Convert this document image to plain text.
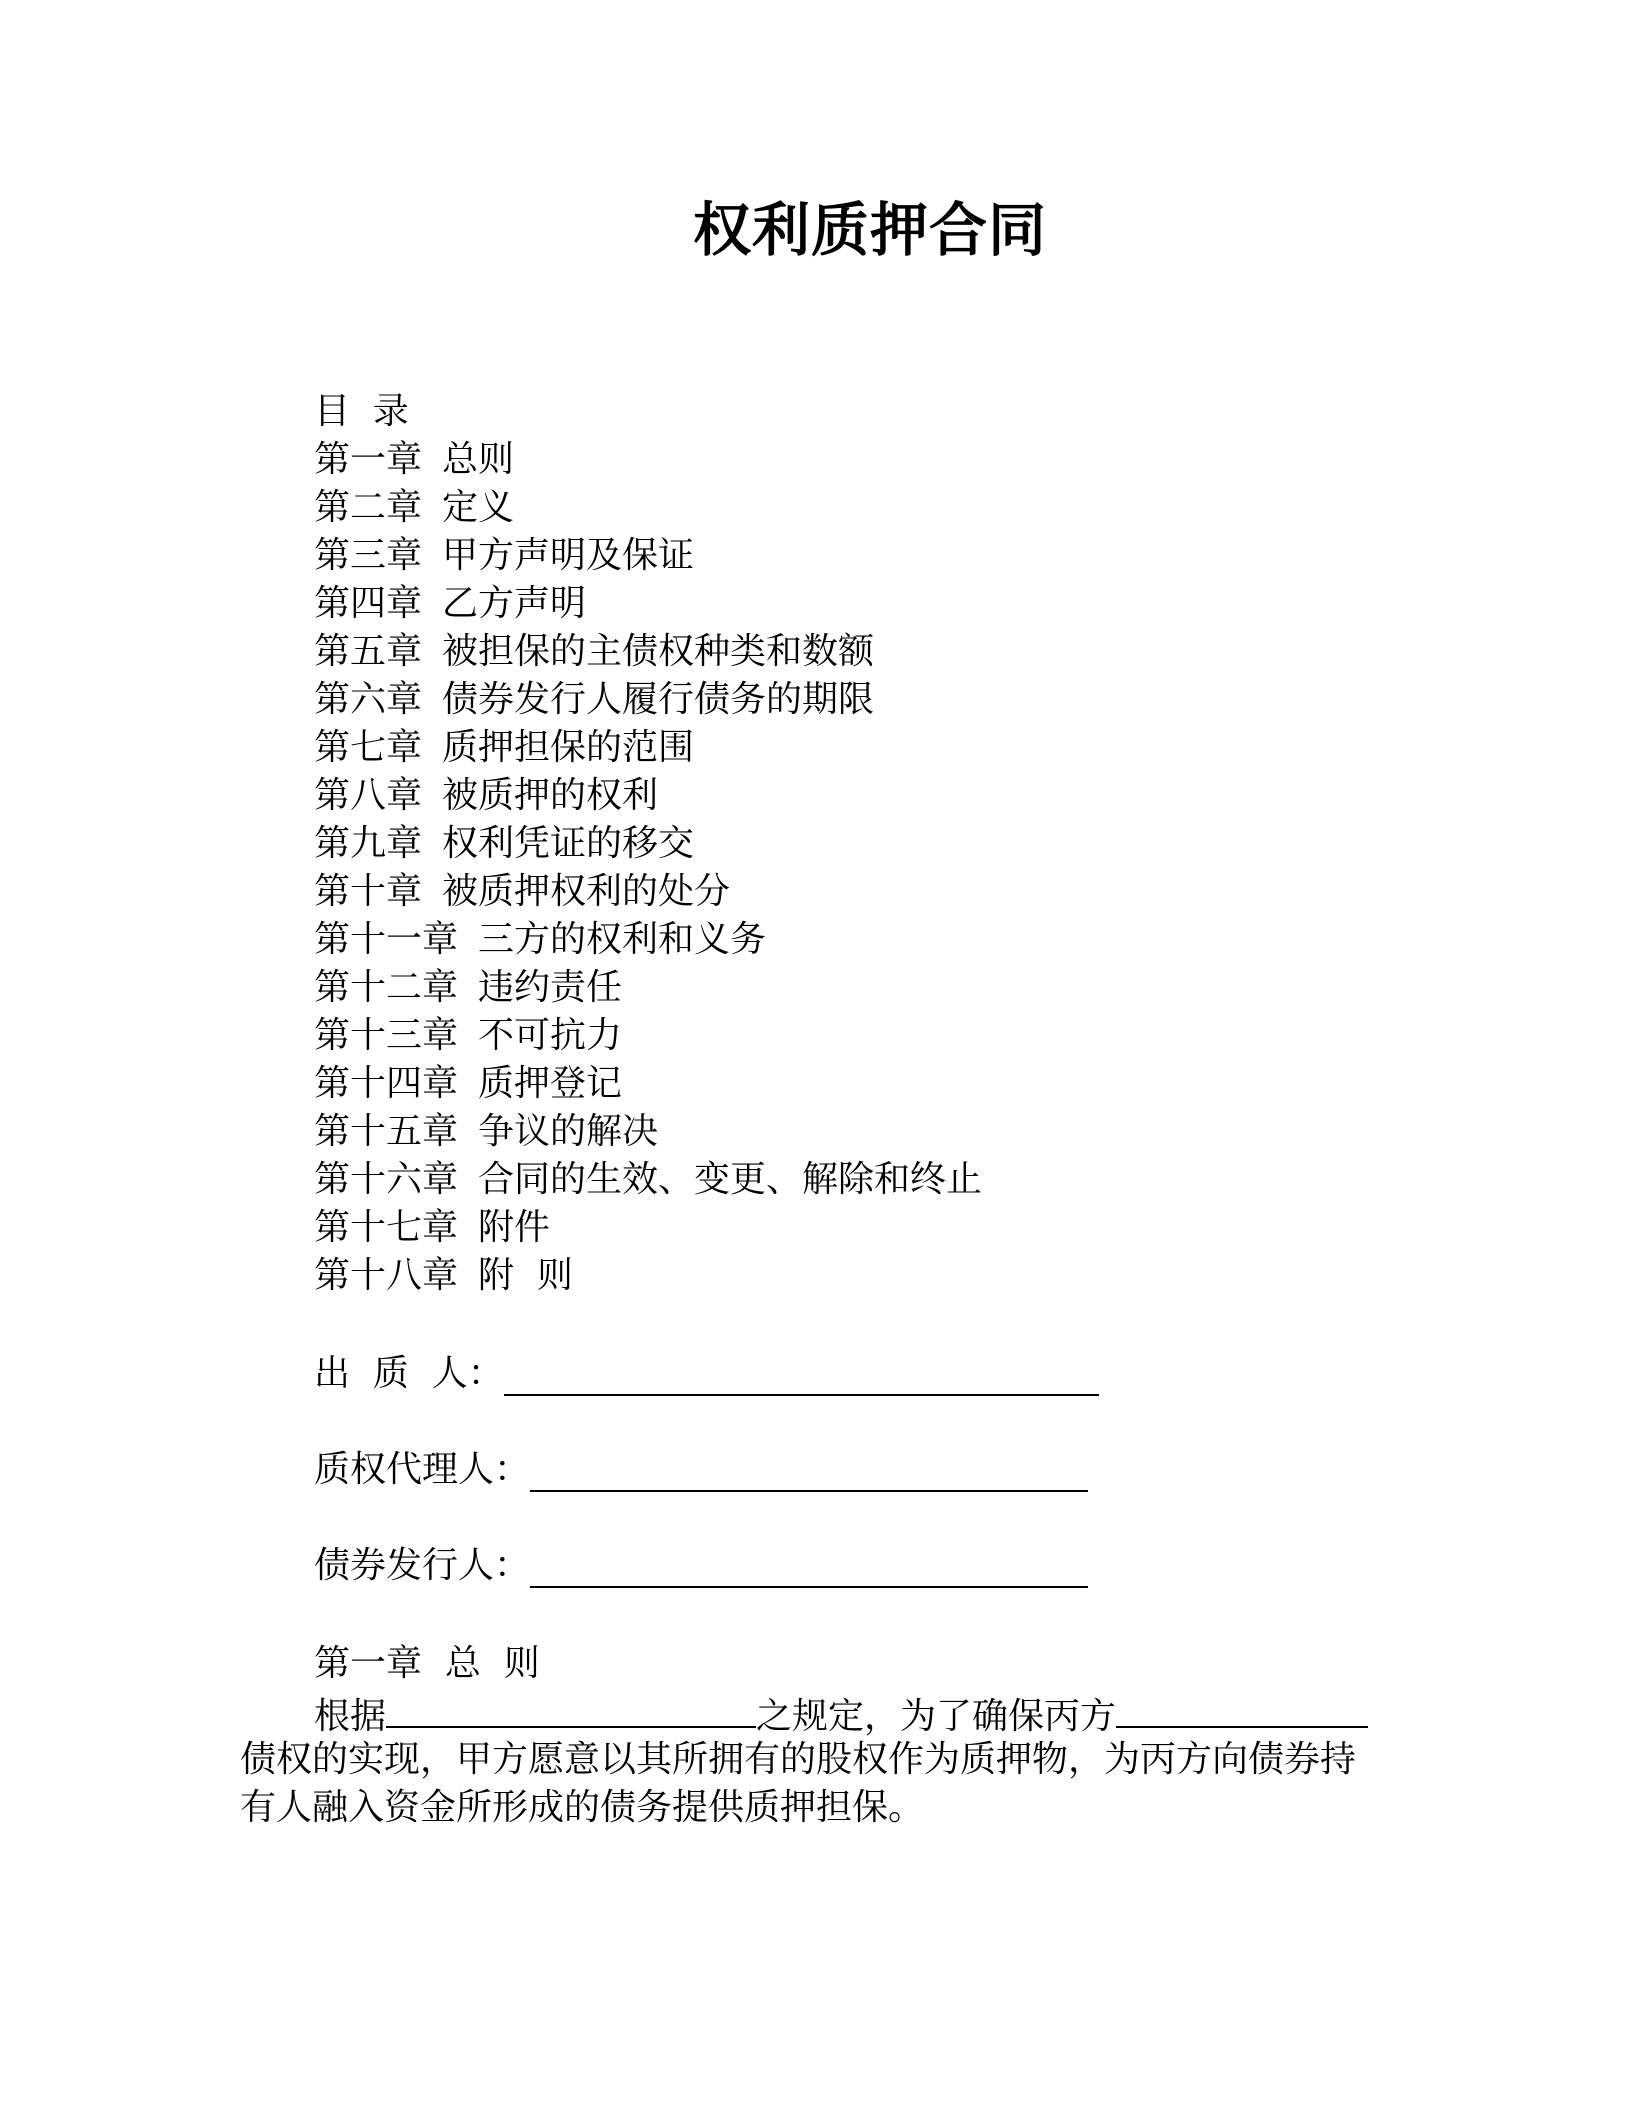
权利质押合同
目  录
第一章 总则
第二章 定义
第三章 甲方声明及保证
第四章 乙方声明
第五章 被担保的主债权种类和数额
第六章 债券发行人履行债务的期限
第七章 质押担保的范围
第八章 被质押的权利
第九章 权利凭证的移交
第十章 被质押权利的处分
第十一章 三方的权利和义务
第十二章 违约责任
第十三章 不可抗力
第十四章 质押登记
第十五章 争议的解决
第十六章 合同的生效、变更、解除和终止
第十七章 附件
第十八章 附  则
出  质  人：
质权代理人：
债券发行人：
第一章  总  则
根据	之规定，为了确保丙方
债权的实现，甲方愿意以其所拥有的股权作为质押物，为丙方向债券持
有人融入资金所形成的债务提供质押担保。
